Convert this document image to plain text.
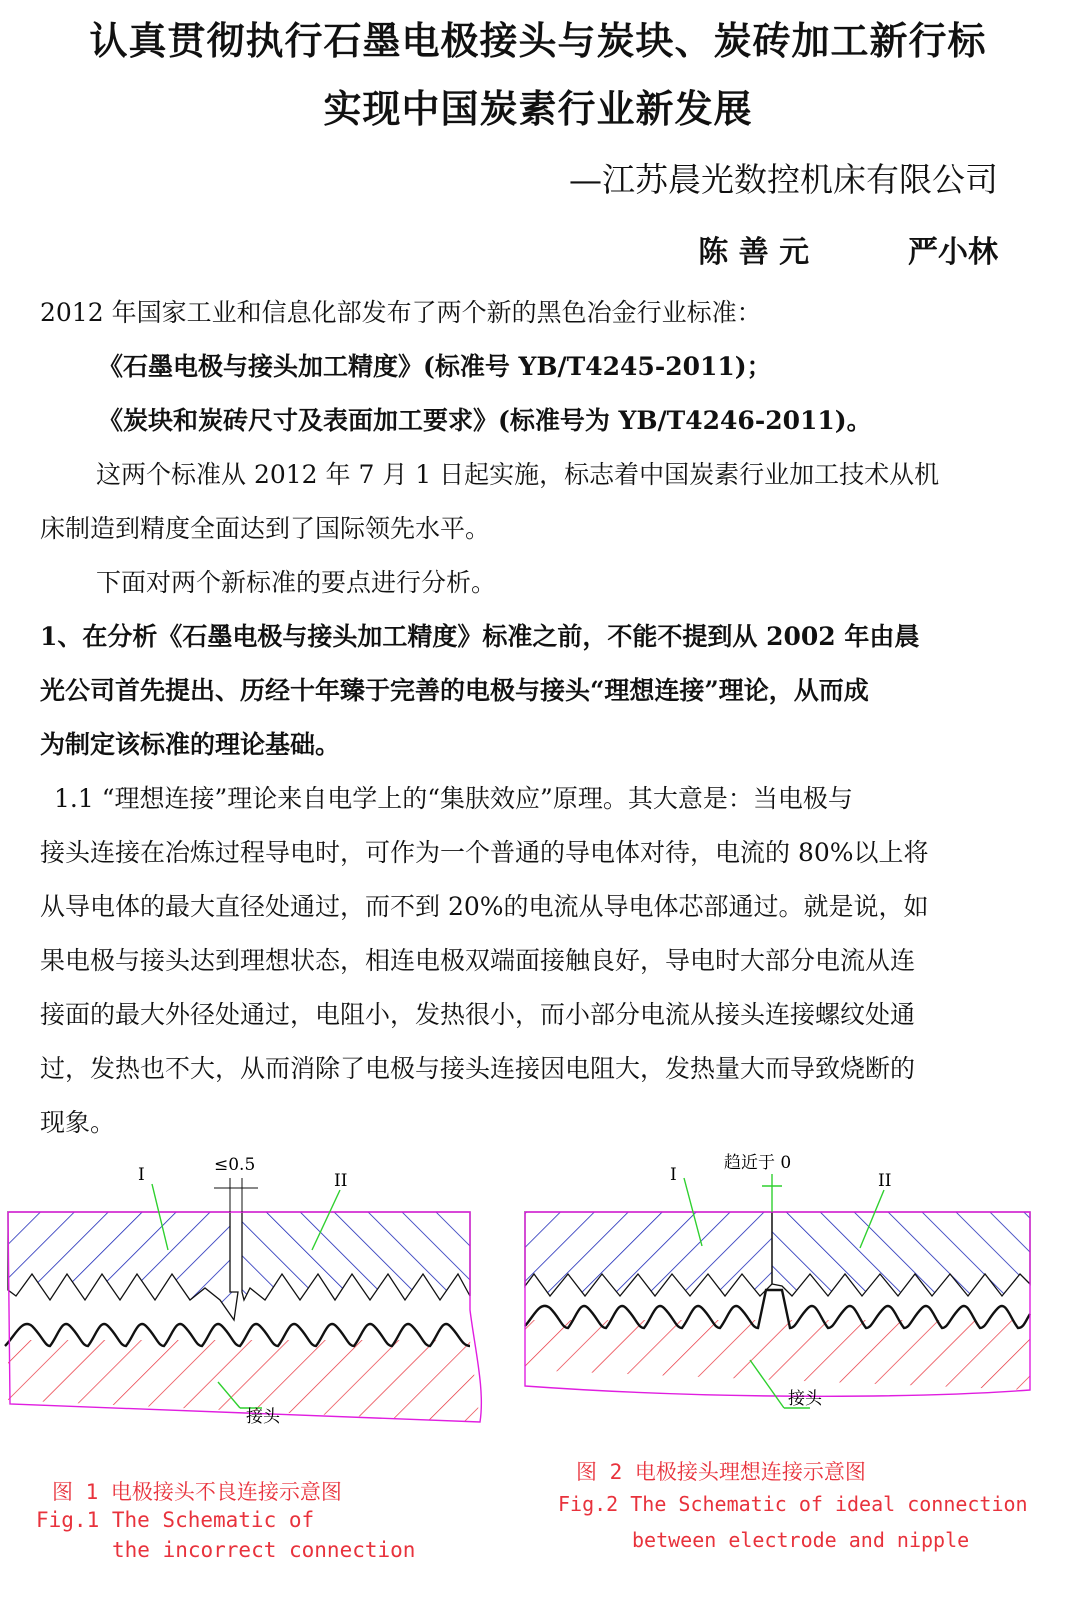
认真贯彻执行石墨电极接头与炭块、炭砖加工新行标
实现中国炭素行业新发展
—江苏晨光数控机床有限公司
陈 善 元	严小林
2012 年国家工业和信息化部发布了两个新的黑色冶金行业标准：
《石墨电极与接头加工精度》(标准号 YB/T4245-2011)；
《炭块和炭砖尺寸及表面加工要求》(标准号为 YB/T4246-2011)。
这两个标准从 2012 年 7 月 1 日起实施，标志着中国炭素行业加工技术从机
床制造到精度全面达到了国际领先水平。
下面对两个新标准的要点进行分析。
1、在分析《石墨电极与接头加工精度》标准之前，不能不提到从 2002 年由晨
光公司首先提出、历经十年臻于完善的电极与接头“理想连接”理论，从而成
为制定该标准的理论基础。
1.1 “理想连接”理论来自电学上的“集肤效应”原理。其大意是：当电极与
接头连接在冶炼过程导电时，可作为一个普通的导电体对待，电流的 80%以上将
从导电体的最大直径处通过，而不到 20%的电流从导电体芯部通过。就是说，如
果电极与接头达到理想状态，相连电极双端面接触良好，导电时大部分电流从连
接面的最大外径处通过，电阻小，发热很小，而小部分电流从接头连接螺纹处通
过，发热也不大，从而消除了电极与接头连接因电阻大，发热量大而导致烧断的
现象。
I	II
≤0.5
接头
图 1 电极接头不良连接示意图
Fig.1 The Schematic of
the incorrect connection
I	II
趋近于 0
接头
图 2 电极接头理想连接示意图
Fig.2 The Schematic of ideal connection
between electrode and nipple
